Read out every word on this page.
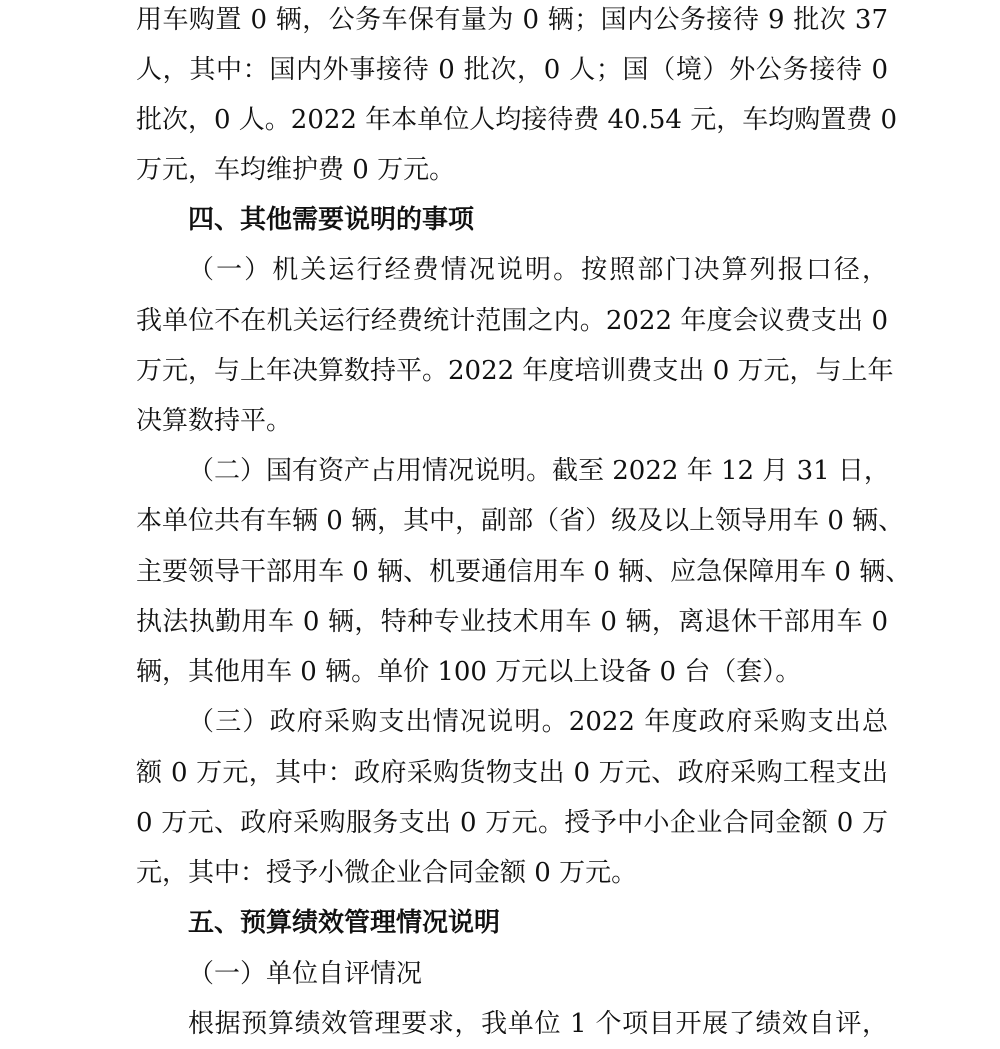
用车购置 0 辆，公务车保有量为 0 辆；国内公务接待 9 批次 37
人，其中：国内外事接待 0 批次，0 人；国（境）外公务接待 0
批次，0 人。2022 年本单位人均接待费 40.54 元，车均购置费 0
万元，车均维护费 0 万元。
四、其他需要说明的事项
（一）机关运行经费情况说明。按照部门决算列报口径，
我单位不在机关运行经费统计范围之内。2022 年度会议费支出 0
万元，与上年决算数持平。2022 年度培训费支出 0 万元，与上年
决算数持平。
（二）国有资产占用情况说明。截至 2022 年 12 月 31 日，
本单位共有车辆 0 辆，其中，副部（省）级及以上领导用车 0 辆、
主要领导干部用车 0 辆、机要通信用车 0 辆、应急保障用车 0 辆、
执法执勤用车 0 辆，特种专业技术用车 0 辆，离退休干部用车 0
辆，其他用车 0 辆。单价 100 万元以上设备 0 台（套）。
（三）政府采购支出情况说明。2022 年度政府采购支出总
额 0 万元，其中：政府采购货物支出 0 万元、政府采购工程支出
0 万元、政府采购服务支出 0 万元。授予中小企业合同金额 0 万
元，其中：授予小微企业合同金额 0 万元。
五、预算绩效管理情况说明
（一）单位自评情况
根据预算绩效管理要求，我单位 1 个项目开展了绩效自评，
